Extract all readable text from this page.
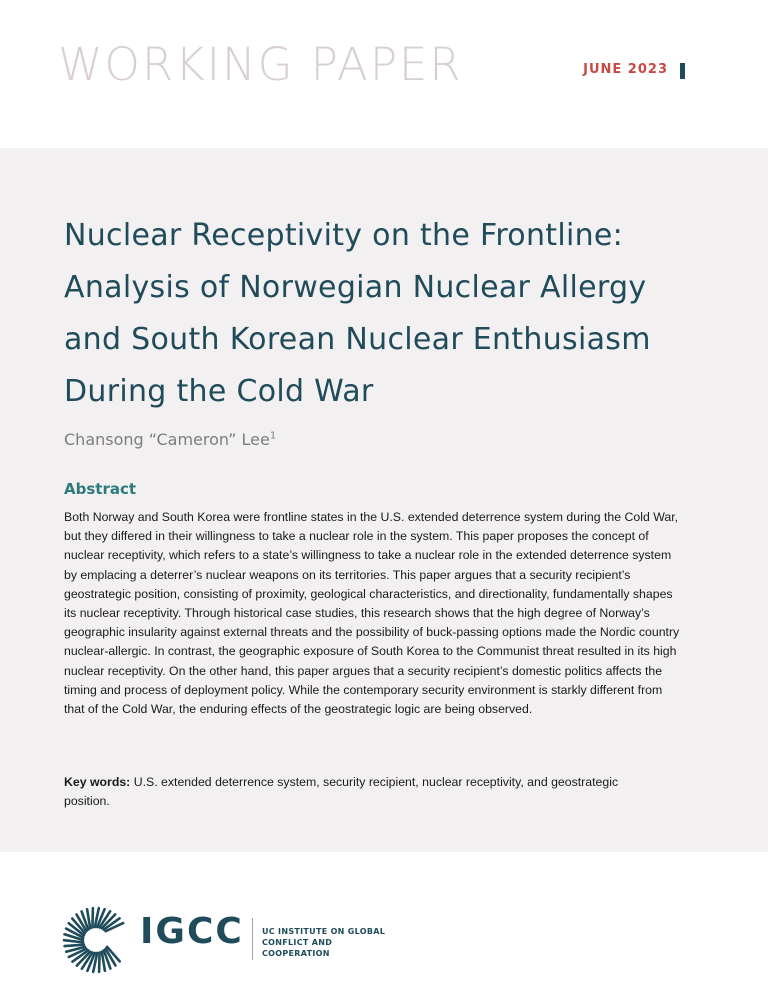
WORKING PAPER	JUNE 2023
Nuclear Receptivity on the Frontline:
Analysis of Norwegian Nuclear Allergy
and South Korean Nuclear Enthusiasm
During the Cold War
Chansong “Cameron” Lee$^1$
Abstract

Both Norway and South Korea were frontline states in the U.S. extended deterrence system during the Cold War, but they differed in their willingness to take a nuclear role in the system. This paper proposes the concept of nuclear receptivity, which refers to a state’s willingness to take a nuclear role in the extended deterrence system by emplacing a deterrer’s nuclear weapons on its territories. This paper argues that a security recipient’s geostrategic position, consisting of proximity, geological characteristics, and directionality, fundamentally shapes its nuclear receptivity. Through historical case studies, this research shows that the high degree of Norway’s geographic insularity against external threats and the possibility of buck-passing options made the Nordic country nuclear-allergic. In contrast, the geographic exposure of South Korea to the Communist threat resulted in its high nuclear receptivity. On the other hand, this paper argues that a security recipient’s domestic politics affects the timing and process of deployment policy. While the contemporary security environment is starkly different from that of the Cold War, the enduring effects of the geostrategic logic are being observed.

Key words: U.S. extended deterrence system, security recipient, nuclear receptivity, and geostrategic position.

IGCC UC INSTITUTE ON GLOBAL
CONFLICT AND COOPERATION
